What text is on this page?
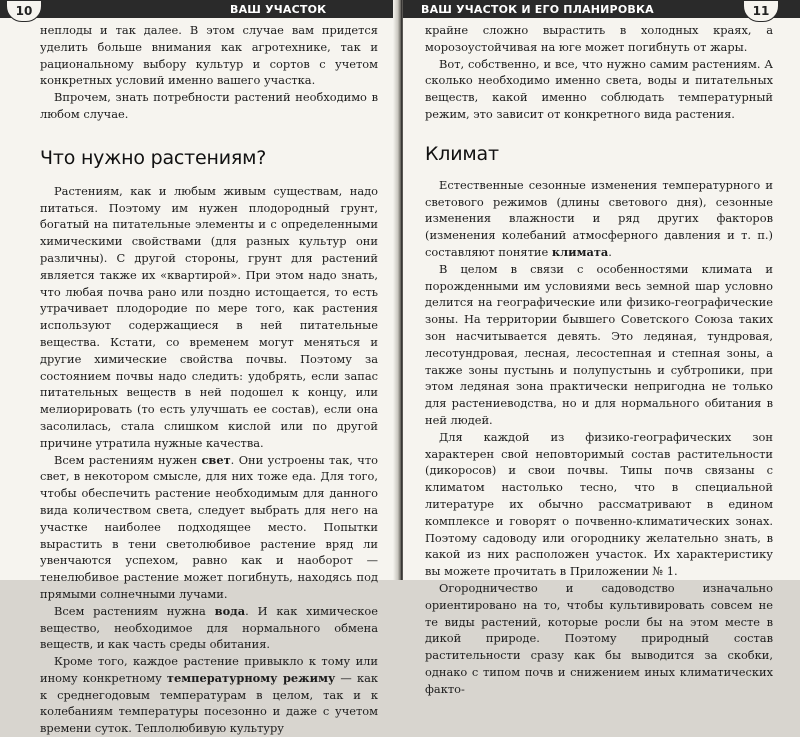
ВАШ УЧАСТОК
10

неплоды и так далее. В этом случае вам придется уделить больше внимания как агротехнике, так и рациональному выбору культур и сортов с учетом конкретных условий именно вашего участка.

Впрочем, знать потребности растений необходимо в любом случае.

Что нужно растениям?

Растениям, как и любым живым существам, надо питаться. Поэтому им нужен плодородный грунт, богатый на питательные элементы и с определенными химическими свойствами (для разных культур они различны). С другой стороны, грунт для растений является также их «квартирой». При этом надо знать, что любая почва рано или поздно истощается, то есть утрачивает плодородие по мере того, как растения используют содержащиеся в ней питательные вещества. Кстати, со временем могут меняться и другие химические свойства почвы. Поэтому за состоянием почвы надо следить: удобрять, если запас питательных веществ в ней подошел к концу, или мелиорировать (то есть улучшать ее состав), если она засолилась, стала слишком кислой или по другой причине утратила нужные качества.

Всем растениям нужен свет. Они устроены так, что свет, в некотором смысле, для них тоже еда. Для того, чтобы обеспечить растение необходимым для данного вида количеством света, следует выбрать для него на участке наиболее подходящее место. Попытки вырастить в тени светолюбивое растение вряд ли увенчаются успехом, равно как и наоборот — тенелюбивое растение может погибнуть, находясь под прямыми солнечными лучами.

Всем растениям нужна вода. И как химическое вещество, необходимое для нормального обмена веществ, и как часть среды обитания.

Кроме того, каждое растение привыкло к тому или иному конкретному температурному режиму — как к среднегодовым температурам в целом, так и к колебаниям температуры посезонно и даже с учетом времени суток. Теплолюбивую культуру

ВАШ УЧАСТОК И ЕГО ПЛАНИРОВКА	11

крайне сложно вырастить в холодных краях, а морозоустойчивая на юге может погибнуть от жары.

Вот, собственно, и все, что нужно самим растениям. А сколько необходимо именно света, воды и питательных веществ, какой именно соблюдать температурный режим, это зависит от конкретного вида растения.

Климат

Естественные сезонные изменения температурного и светового режимов (длины светового дня), сезонные изменения влажности и ряд других факторов (изменения колебаний атмосферного давления и т. п.) составляют понятие климата.

В целом в связи с особенностями климата и порожденными им условиями весь земной шар условно делится на географические или физико-географические зоны. На территории бывшего Советского Союза таких зон насчитывается девять. Это ледяная, тундровая, лесотундровая, лесная, лесостепная и степная зоны, а также зоны пустынь и полупустынь и субтропики, при этом ледяная зона практически непригодна не только для растениеводства, но и для нормального обитания в ней людей.

Для каждой из физико-географических зон характерен свой неповторимый состав растительности (дикоросов) и свои почвы. Типы почв связаны с климатом настолько тесно, что в специальной литературе их обычно рассматривают в едином комплексе и говорят о почвенно-климатических зонах. Поэтому садоводу или огороднику желательно знать, в какой из них расположен участок. Их характеристику вы можете прочитать в Приложении № 1.

Огородничество и садоводство изначально ориентировано на то, чтобы культивировать совсем не те виды растений, которые росли бы на этом месте в дикой природе. Поэтому природный состав растительности сразу как бы выводится за скобки, однако с типом почв и снижением иных климатических факто-
